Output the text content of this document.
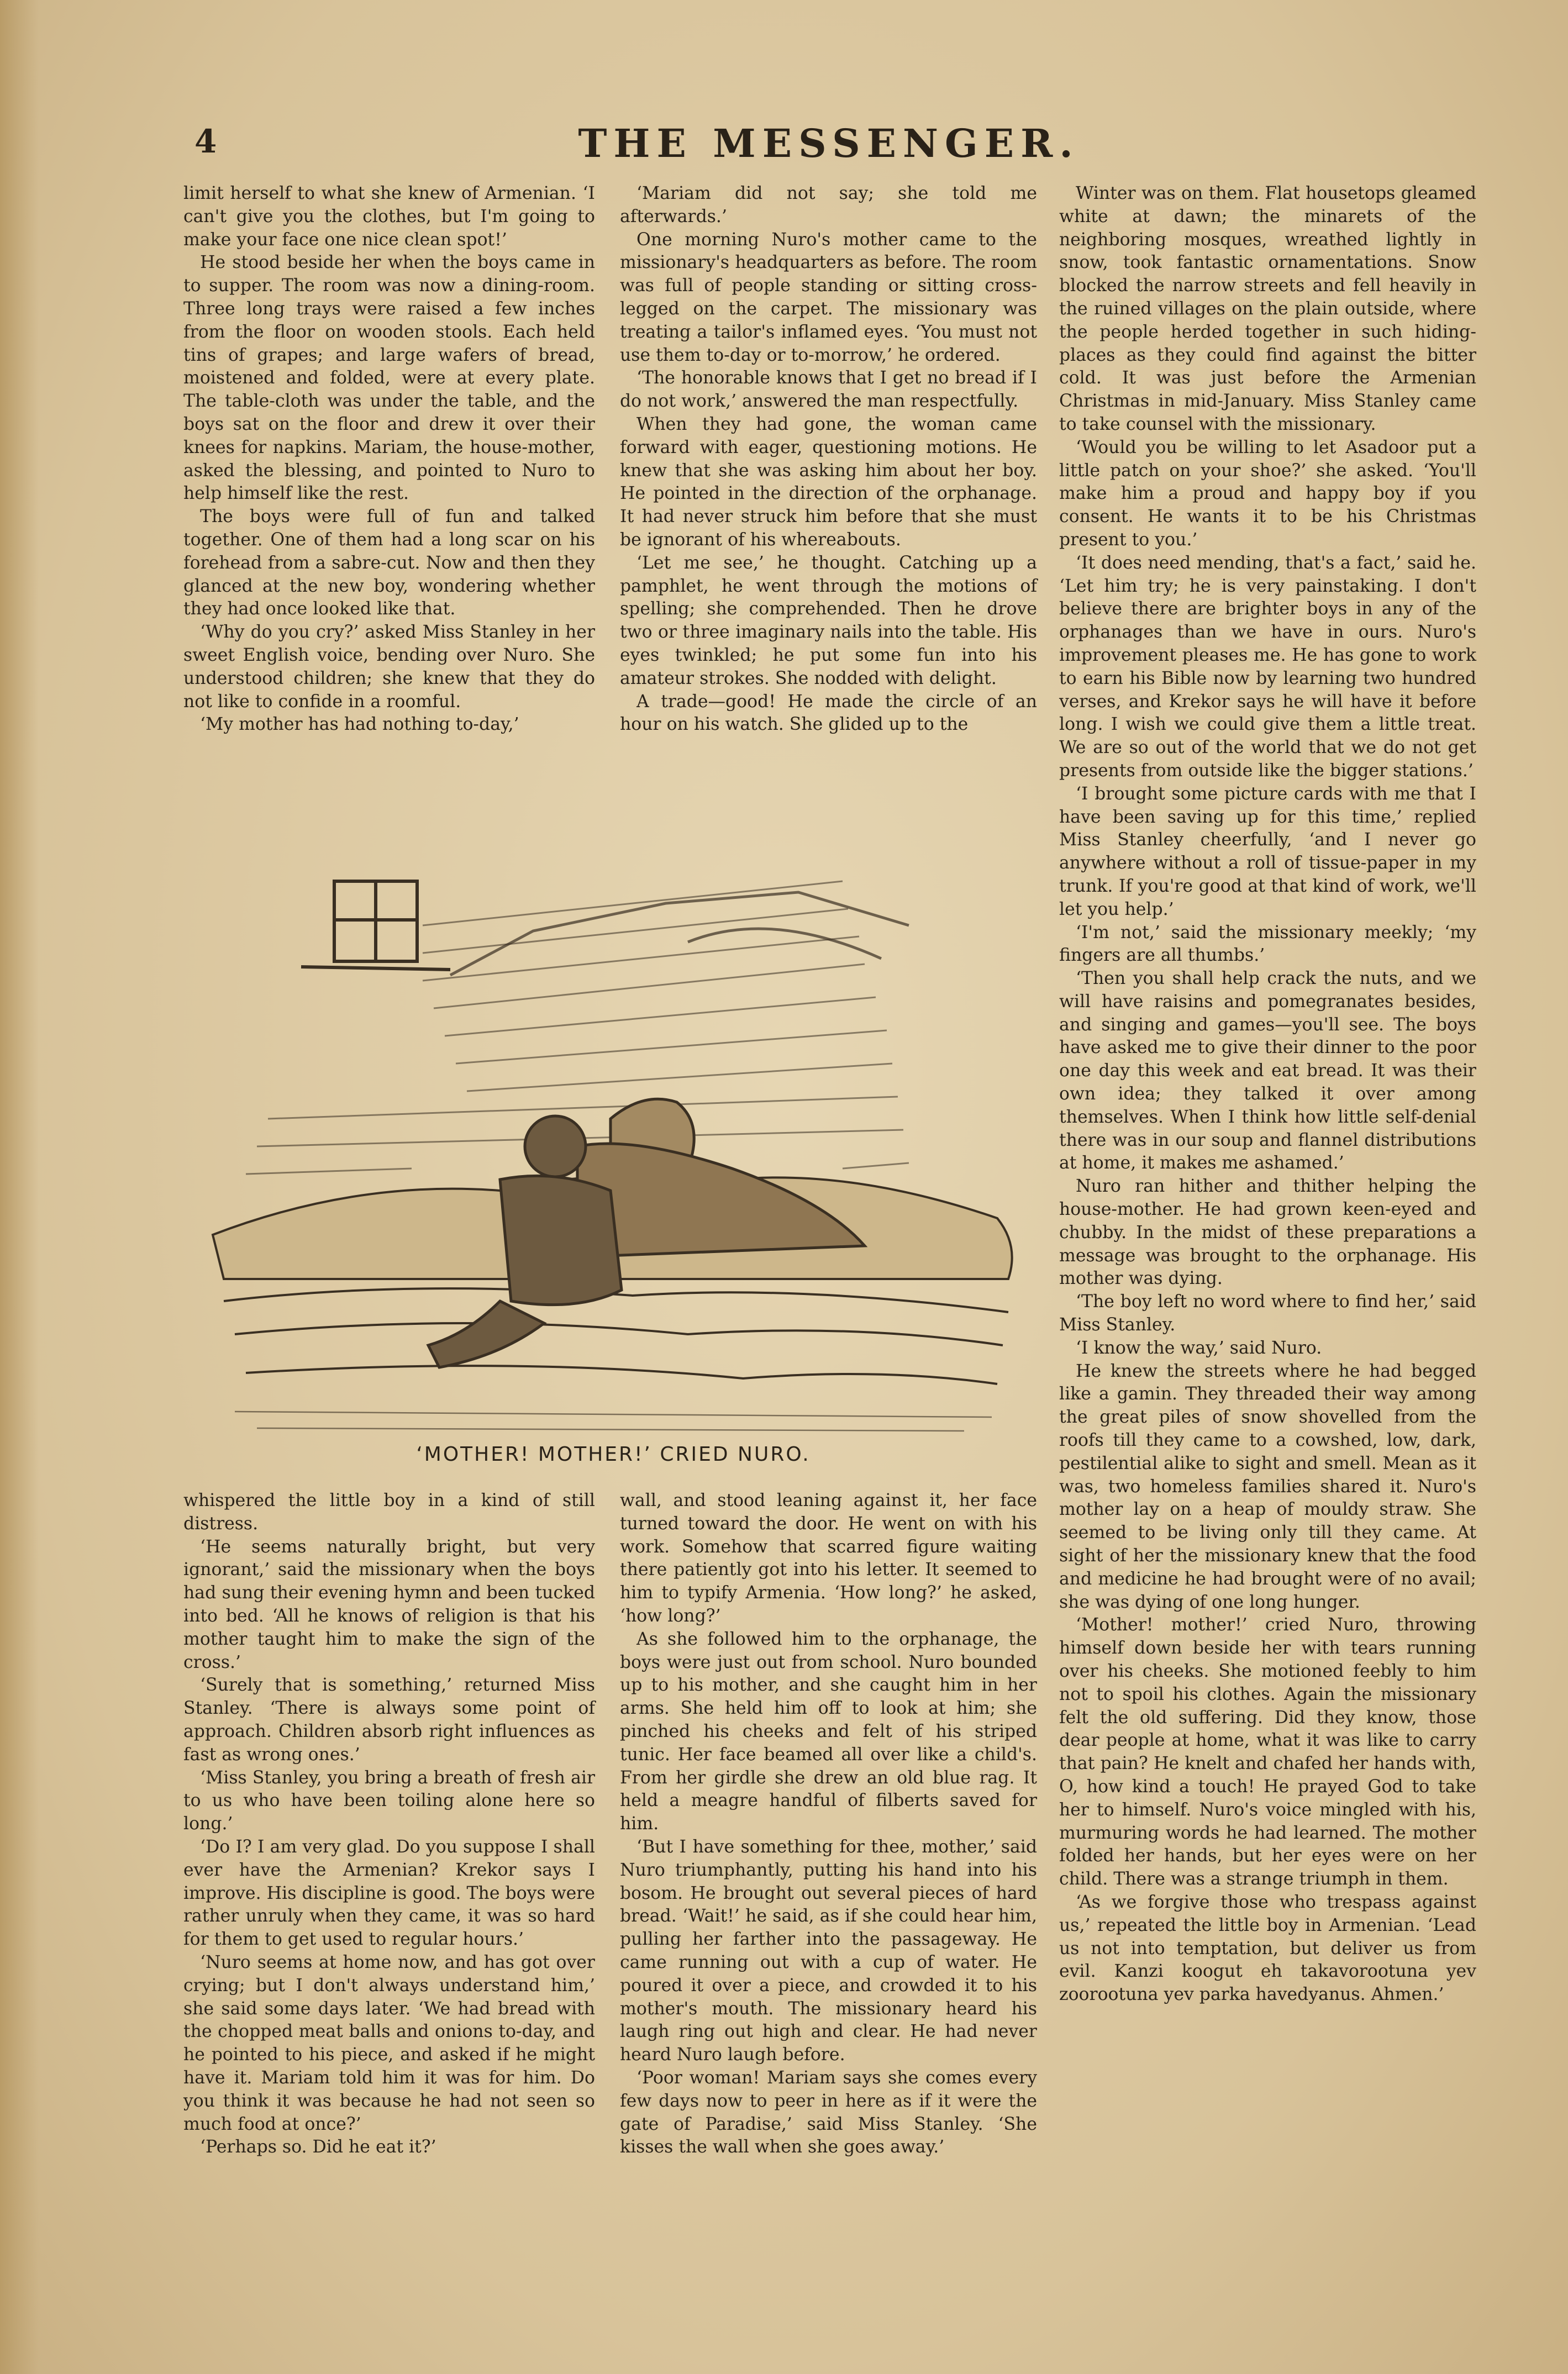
4	THE MESSENGER.

limit herself to what she knew of Armenian. ‘I can't give you the clothes, but I'm going to make your face one nice clean spot!’

He stood beside her when the boys came in to supper. The room was now a dining-room. Three long trays were raised a few inches from the floor on wooden stools. Each held tins of grapes; and large wafers of bread, moistened and folded, were at every plate. The table-cloth was under the table, and the boys sat on the floor and drew it over their knees for napkins. Mariam, the house-mother, asked the blessing, and pointed to Nuro to help himself like the rest.

The boys were full of fun and talked together. One of them had a long scar on his forehead from a sabre-cut. Now and then they glanced at the new boy, wondering whether they had once looked like that.

‘Why do you cry?’ asked Miss Stanley in her sweet English voice, bending over Nuro. She understood children; she knew that they do not like to confide in a roomful.

‘My mother has had nothing to-day,’

‘Mariam did not say; she told me afterwards.’

One morning Nuro's mother came to the missionary's headquarters as before. The room was full of people standing or sitting cross-legged on the carpet. The missionary was treating a tailor's inflamed eyes. ‘You must not use them to-day or to-morrow,’ he ordered.

‘The honorable knows that I get no bread if I do not work,’ answered the man respectfully.

When they had gone, the woman came forward with eager, questioning motions. He knew that she was asking him about her boy. He pointed in the direction of the orphanage. It had never struck him before that she must be ignorant of his whereabouts.

‘Let me see,’ he thought. Catching up a pamphlet, he went through the motions of spelling; she comprehended. Then he drove two or three imaginary nails into the table. His eyes twinkled; he put some fun into his amateur strokes. She nodded with delight.

A trade—good! He made the circle of an hour on his watch. She glided up to the

Winter was on them. Flat housetops gleamed white at dawn; the minarets of the neighboring mosques, wreathed lightly in snow, took fantastic ornamentations. Snow blocked the narrow streets and fell heavily in the ruined villages on the plain outside, where the people herded together in such hiding-places as they could find against the bitter cold. It was just before the Armenian Christmas in mid-January. Miss Stanley came to take counsel with the missionary.

‘Would you be willing to let Asadoor put a little patch on your shoe?’ she asked. ‘You'll make him a proud and happy boy if you consent. He wants it to be his Christmas present to you.’

‘It does need mending, that's a fact,’ said he. ‘Let him try; he is very painstaking. I don't believe there are brighter boys in any of the orphanages than we have in ours. Nuro's improvement pleases me. He has gone to work to earn his Bible now by learning two hundred verses, and Krekor says he will have it before long. I wish we could give them a little treat. We are so out of the world that we do not get presents from outside like the bigger stations.’

‘I brought some picture cards with me that I have been saving up for this time,’ replied Miss Stanley cheerfully, ‘and I never go anywhere without a roll of tissue-paper in my trunk. If you're good at that kind of work, we'll let you help.’

‘I'm not,’ said the missionary meekly; ‘my fingers are all thumbs.’

‘Then you shall help crack the nuts, and we will have raisins and pomegranates besides, and singing and games—you'll see. The boys have asked me to give their dinner to the poor one day this week and eat bread. It was their own idea; they talked it over among themselves. When I think how little self-denial there was in our soup and flannel distributions at home, it makes me ashamed.’

Nuro ran hither and thither helping the house-mother. He had grown keen-eyed and chubby. In the midst of these preparations a message was brought to the orphanage. His mother was dying.

‘The boy left no word where to find her,’ said Miss Stanley.

‘I know the way,’ said Nuro.

He knew the streets where he had begged like a gamin. They threaded their way among the great piles of snow shovelled from the roofs till they came to a cowshed, low, dark, pestilential alike to sight and smell. Mean as it was, two homeless families shared it. Nuro's mother lay on a heap of mouldy straw. She seemed to be living only till they came. At sight of her the missionary knew that the food and medicine he had brought were of no avail; she was dying of one long hunger.

‘Mother! mother!’ cried Nuro, throwing himself down beside her with tears running over his cheeks. She motioned feebly to him not to spoil his clothes. Again the missionary felt the old suffering. Did they know, those dear people at home, what it was like to carry that pain? He knelt and chafed her hands with, O, how kind a touch! He prayed God to take her to himself. Nuro's voice mingled with his, murmuring words he had learned. The mother folded her hands, but her eyes were on her child. There was a strange triumph in them.

‘As we forgive those who trespass against us,’ repeated the little boy in Armenian. ‘Lead us not into temptation, but deliver us from evil. Kanzi koogut eh takavorootuna yev zoorootuna yev parka havedyanus. Ahmen.’

‘MOTHER! MOTHER!’ CRIED NURO.

whispered the little boy in a kind of still distress.

‘He seems naturally bright, but very ignorant,’ said the missionary when the boys had sung their evening hymn and been tucked into bed. ‘All he knows of religion is that his mother taught him to make the sign of the cross.’

‘Surely that is something,’ returned Miss Stanley. ‘There is always some point of approach. Children absorb right influences as fast as wrong ones.’

‘Miss Stanley, you bring a breath of fresh air to us who have been toiling alone here so long.’

‘Do I? I am very glad. Do you suppose I shall ever have the Armenian? Krekor says I improve. His discipline is good. The boys were rather unruly when they came, it was so hard for them to get used to regular hours.’

‘Nuro seems at home now, and has got over crying; but I don't always understand him,’ she said some days later. ‘We had bread with the chopped meat balls and onions to-day, and he pointed to his piece, and asked if he might have it. Mariam told him it was for him. Do you think it was because he had not seen so much food at once?’

‘Perhaps so. Did he eat it?’

wall, and stood leaning against it, her face turned toward the door. He went on with his work. Somehow that scarred figure waiting there patiently got into his letter. It seemed to him to typify Armenia. ‘How long?’ he asked, ‘how long?’

As she followed him to the orphanage, the boys were just out from school. Nuro bounded up to his mother, and she caught him in her arms. She held him off to look at him; she pinched his cheeks and felt of his striped tunic. Her face beamed all over like a child's. From her girdle she drew an old blue rag. It held a meagre handful of filberts saved for him.

‘But I have something for thee, mother,’ said Nuro triumphantly, putting his hand into his bosom. He brought out several pieces of hard bread. ‘Wait!’ he said, as if she could hear him, pulling her farther into the passageway. He came running out with a cup of water. He poured it over a piece, and crowded it to his mother's mouth. The missionary heard his laugh ring out high and clear. He had never heard Nuro laugh before.

‘Poor woman! Mariam says she comes every few days now to peer in here as if it were the gate of Paradise,’ said Miss Stanley. ‘She kisses the wall when she goes away.’
